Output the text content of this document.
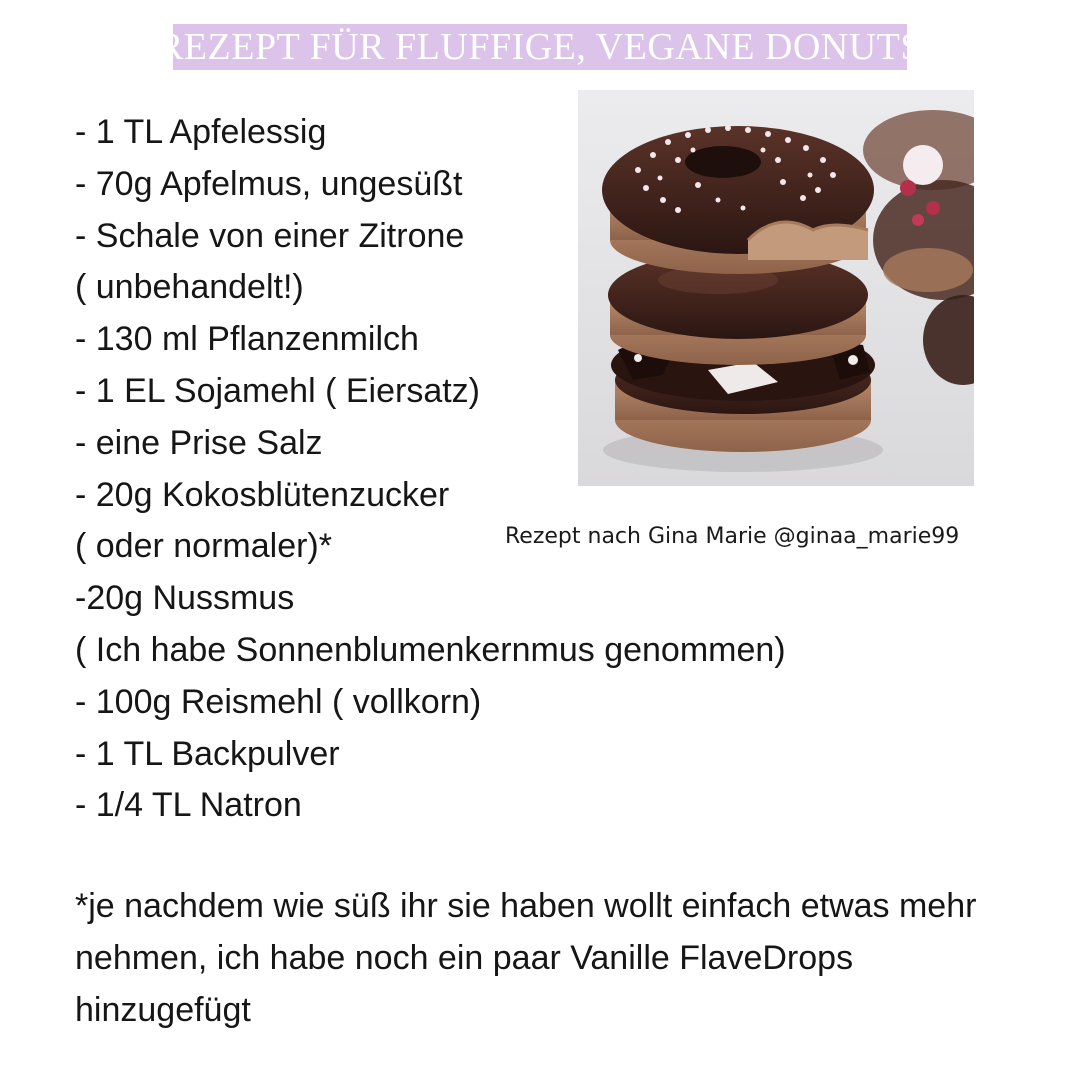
REZEPT FÜR FLUFFIGE, VEGANE DONUTS
- 1 TL Apfelessig
- 70g Apfelmus, ungesüßt
- Schale von einer Zitrone
( unbehandelt!)
- 130 ml Pflanzenmilch
- 1 EL Sojamehl ( Eiersatz)
- eine Prise Salz
- 20g Kokosblütenzucker
( oder normaler)*
-20g Nussmus
( Ich habe Sonnenblumenkernmus genommen)
- 100g Reismehl ( vollkorn)
- 1 TL Backpulver
- 1/4 TL Natron
Rezept nach Gina Marie @ginaa_marie99

*je nachdem wie süß ihr sie haben wollt einfach etwas mehr nehmen, ich habe noch ein paar Vanille FlaveDrops hinzugefügt
